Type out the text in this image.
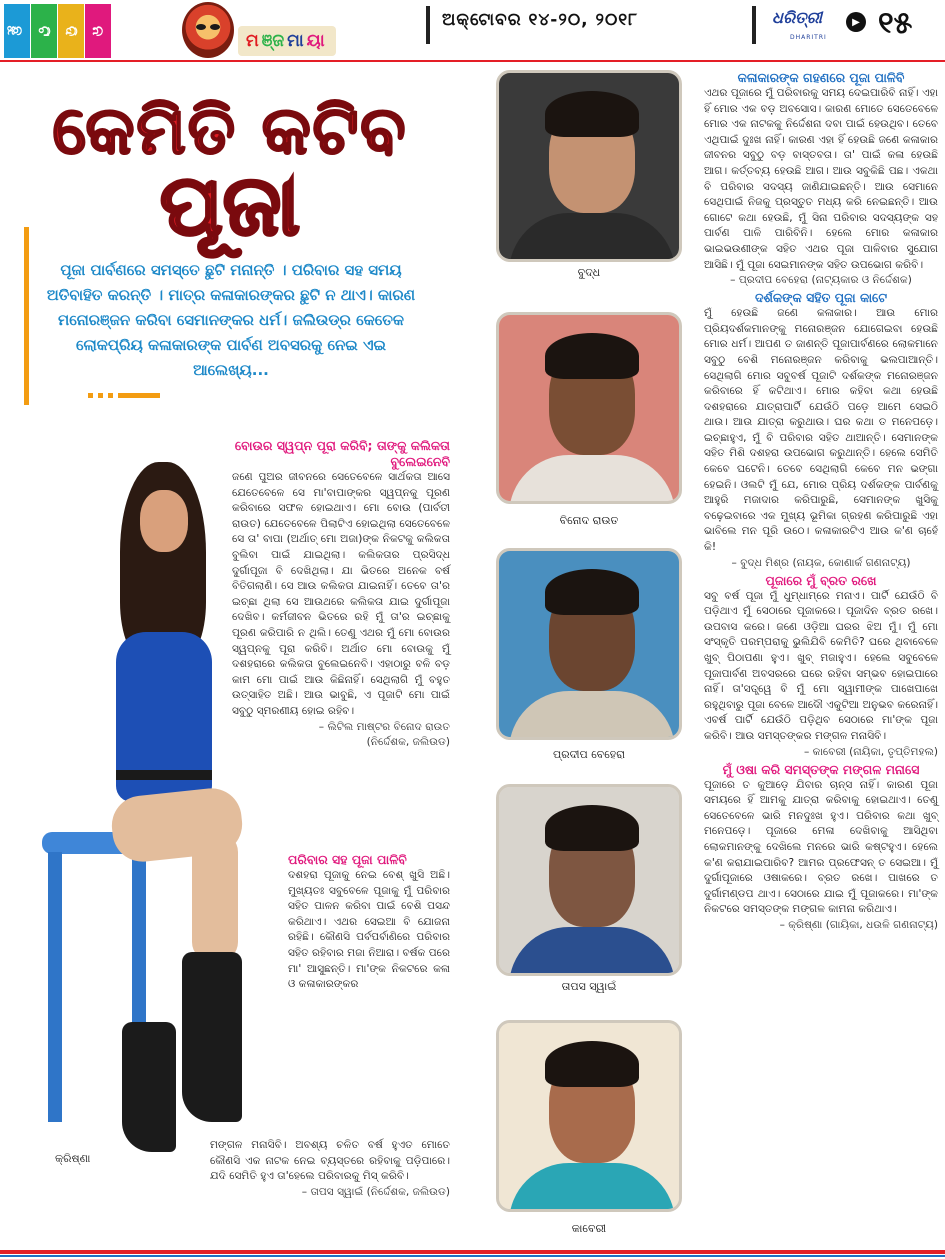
ଛୁ ଟି ଦି ନ	ମ ଞ୍ଜ ମା ୟା
ଅକ୍ଟୋବର ୧୪-୨୦, ୨୦୧୮	ଧରିତ୍ରୀ
DHARITRI
▶ ୧୫
କେମିତି କଟିବ
ପୂଜା
ପୂଜା ପାର୍ବଣରେ ସମସ୍ତେ ଛୁଟି ମନାନ୍ତି । ପରିବାର ସହ ସମୟ ଅତିବାହିତ କରନ୍ତି । ମାତ୍ର କଳାକାରଙ୍କର ଛୁଟି ନ ଥାଏ। କାରଣ ମନୋରଞ୍ଜନ କରିବା ସେମାନଙ୍କର ଧର୍ମ। ଜଲିଉଡ୍‌ର କେତେକ ଲୋକପ୍ରିୟ କଳାକାରଙ୍କ ପାର୍ବଣ ଅବସରକୁ ନେଇ ଏଇ ଆଲେଖ୍ୟ...
କ୍ରିଷ୍ଣା
ବୋଉର ସ୍ୱପ୍ନ ପୂରା କରିବି; ତାଙ୍କୁ କଲିକତା ବୁଲେଇନେବି

ଜଣେ ପୁଅର ଜୀବନରେ ସେତେବେଳେ ସାର୍ଥକତା ଆସେ ଯେତେବେଳେ ସେ ମା'ବାପାଙ୍କର ସ୍ୱପ୍ନକୁ ପୂରଣ କରିବାରେ ସଫଳ ହୋଇଥାଏ। ମୋ ବୋଉ (ପାର୍ବତୀ ରାଉତ) ଯେତେବେଳେ ପିଲାଟିଏ ହୋଇଥିଲା ସେତେବେଳେ ସେ ତା' ବାପା (ଅର୍ଥାତ୍ ମୋ ଅଜା)ଙ୍କ ନିକଟକୁ କଲିକତା ବୁଲିବା ପାଇଁ ଯାଇଥିଲା। କଲିକତାର ପ୍ରସିଦ୍ଧ ଦୁର୍ଗାପୂଜା ବି ଦେଖିଥିଲା। ଯା ଭିତରେ ଅନେକ ବର୍ଷ ବିତିଗଲାଣି। ସେ ଆଉ କଲିକତା ଯାଇନାହିଁ। ତେବେ ତା'ର ଇଚ୍ଛା ଥିଲା ସେ ଆଉଥରେ କଲିକତା ଯାଇ ଦୁର୍ଗାପୂଜା ଦେଖିବ। କର୍ମଜୀବନ ଭିତରେ ରହି ମୁଁ ତା'ର ଇଚ୍ଛାକୁ ପୂରଣ କରିପାରି ନ ଥିଲି। ତେଣୁ ଏଥର ମୁଁ ମୋ ବୋଉର ସ୍ୱପ୍ନକୁ ପୂରା କରିବି। ଅର୍ଥାତ ମୋ ବୋଉକୁ ମୁଁ ଦଶହରାରେ କଲିକତା ବୁଲେଇନେବି। ଏହାଠାରୁ ବଳି ବଡ଼ କାମ ମୋ ପାଇଁ ଆଉ କିଛିନାହିଁ। ସେଥିଲାଗି ମୁଁ ବହୁତ ଉତ୍ସାହିତ ଅଛି। ଆଉ ଭାବୁଛି, ଏ ପୂଜାଟି ମୋ ପାଇଁ ସବୁଠୁ ସ୍ମରଣୀୟ ହୋଇ ରହିବ।

– ଲିଟିଲ ମାଷ୍ଟର ବିନୋଦ ରାଉତ
(ନିର୍ଦ୍ଦେଶକ, ଜଲିଉଡ)
ପରିବାର ସହ ପୂଜା ପାଳିବି

ଦଶହରା ପୂଜାକୁ ନେଇ ବେଶ୍ ଖୁସି ଅଛି। ମୁଖ୍ୟତଃ ସବୁବେଳେ ପୂଜାକୁ ମୁଁ ପରିବାର ସହିତ ପାଳନ କରିବା ପାଇଁ ବେଶି ପସନ୍ଦ କରିଥାଏ। ଏଥର ସେଇଆ ବି ଯୋଜନା ରହିଛି। କୌଣସି ପର୍ବପର୍ବାଣିରେ ପରିବାର ସହିତ ରହିବାର ମଜା ନିଆରା। ବର୍ଷକ ପରେ ମା' ଆସୁଛନ୍ତି। ମା'ଙ୍କ ନିକଟରେ କଳା ଓ କଳାକାରଙ୍କର

ମଙ୍ଗଳ ମନାସିବି। ଅବଶ୍ୟ ଚଳିତ ବର୍ଷ ହୁଏତ ମୋତେ କୌଣସି ଏକ ନାଟକ ନେଇ ବ୍ୟସ୍ତରେ ରହିବାକୁ ପଡ଼ିପାରେ। ଯଦି ସେମିତି ହୁଏ ତା'ହେଲେ ପରିବାରକୁ ମିସ୍ କରିବି।

– ତାପସ ସ୍ୱାଇଁ (ନିର୍ଦ୍ଦେଶକ, ଜଲିଉଡ)
ବୁଦ୍ଧ
ବିନୋଦ ରାଉତ
ପ୍ରଦୀପ ବେହେରା
ତାପସ ସ୍ୱାଇଁ
କାବେରୀ
କଳାକାରଙ୍କ ଗହଣରେ ପୂଜା ପାଳିବି

ଏଥର ପୂଜାରେ ମୁଁ ପରିବାରକୁ ସମୟ ଦେଇପାରିବି ନାହିଁ। ଏହା ହିଁ ମୋର ଏକ ବଡ଼ ଅବସୋସ। କାରଣ ମୋତେ ସେତେବେଳେ ମୋର ଏକ ନାଟକକୁ ନିର୍ଦ୍ଦେଶନା ଦବା ପାଇଁ ହେଉଥିବ। ତେବେ ଏଥିପାଇଁ ଦୁଃଖ ନାହିଁ। କାରଣ ଏହା ହିଁ ହେଉଛି ଜଣେ କଳାକାର ଜୀବନର ସବୁଠୁ ବଡ଼ ବାସ୍ତବତା। ତା' ପାଇଁ କଳା ହେଉଛି ଆଗ। କର୍ତ୍ତବ୍ୟ ହେଉଛି ଆଗ। ଆଉ ସବୁକିଛି ପଛ। ଏକଥା ବି ପରିବାର ସଦସ୍ୟ ଜାଣିଯାଇଛନ୍ତି। ଆଉ ସେମାନେ ସେଥିପାଇଁ ନିଜକୁ ପ୍ରସ୍ତୁତ ମଧ୍ୟ କରି ନେଇଛନ୍ତି। ଆଉ ଗୋଟେ କଥା ହେଉଛି, ମୁଁ ସିନା ପରିବାର ସଦସ୍ୟଙ୍କ ସହ ପାର୍ବଣ ପାଳି ପାରିବିନି। ହେଲେ ମୋର କଳାକାର ଭାଇଭଉଣୀଙ୍କ ସହିତ ଏଥର ପୂଜା ପାଳିବାର ସୁଯୋଗ ଆସିଛି। ମୁଁ ପୂଜା ସେଇମାନଙ୍କ ସହିତ ଉପଭୋଗ କରିବି।

– ପ୍ରଦୀପ ବେହେରା (ନାଟ୍ୟକାର ଓ ନିର୍ଦ୍ଦେଶକ)
ଦର୍ଶକଙ୍କ ସହିତ ପୂଜା କାଟେ

ମୁଁ ହେଉଛି ଜଣେ କଳାକାର। ଆଉ ମୋର ପ୍ରିୟଦର୍ଶକମାନଙ୍କୁ ମନୋରଞ୍ଜନ ଯୋଗେଇବା ହେଉଛି ମୋର ଧର୍ମ। ଆପଣ ତ ଜାଣନ୍ତି ପୂଜାପାର୍ବଣରେ ଲୋକମାନେ ସବୁଠୁ ବେଶି ମନୋରଞ୍ଜନ କରିବାକୁ ଭଲପାଆନ୍ତି। ସେଥିଲାଗି ମୋର ସବୁବର୍ଷ ପୂଜାଟି ଦର୍ଶକଙ୍କ ମନୋରଞ୍ଜନ କରିବାରେ ହିଁ କଟିଥାଏ। ମୋର କହିବା କଥା ହେଉଛି ଦଶହରାରେ ଯାତ୍ରାପାର୍ଟି ଯେଉଁଠି ପଡ଼େ ଆମେ ସେଇଠି ଥାଉ। ଆଉ ଯାତ୍ରା କରୁଥାଉ। ଘର କଥା ତ ମନେପଡ଼େ। ଇଚ୍ଛାହୁଏ, ମୁଁ ବି ପରିବାର ସହିତ ଥାଆନ୍ତି। ସେମାନଙ୍କ ସହିତ ମିଶି ଦଶହରା ଉପଭୋଗ କରୁଥାନ୍ତି। ହେଲେ ସେମିତି କେବେ ଘଟେନି। ତେବେ ସେଥିଲାଗି କେବେ ମନ ଭଙ୍ଗା ହେଇନି। ଓଲଟି ମୁଁ ଯେ, ମୋର ପ୍ରିୟ ଦର୍ଶକଙ୍କ ପାର୍ବଣକୁ ଆହୁରି ମଜାଦାର କରିପାରୁଛି, ସେମାନଙ୍କ ଖୁସିକୁ ବଢ଼େଇବାରେ ଏକ ମୁଖ୍ୟ ଭୂମିକା ଗ୍ରହଣ କରିପାରୁଛି ଏହା ଭାବିଲେ ମନ ପୂରି ଉଠେ। କଳାକାରଟିଏ ଆଉ କ'ଣ ଚାହେଁ କି!

– ବୁଦ୍ଧ ମିଶ୍ର (ନାୟକ, କୋଣାର୍କ ଗଣନାଟ୍ୟ)
ପୂଜାରେ ମୁଁ ବ୍ରତ ରଖେ

ସବୁ ବର୍ଷ ପୂଜା ମୁଁ ଧୁମ୍‌ଧାମ୍‌ରେ ମନାଏ। ପାର୍ଟି ଯେଉଁଠି ବି ପଡ଼ିଥାଏ ମୁଁ ସେଠାରେ ପୂଜାକରେ। ପୂଜାଦିନ ବ୍ରତ ରଖେ। ଉପବାସ କରେ। ଜଣେ ଓଡ଼ିଆ ଘରର ଝିଅ ମୁଁ। ମୁଁ ମୋ ସଂସ୍କୃତି ପରମ୍ପରାକୁ ଭୁଲିଯିବି କେମିତି? ଘରେ ଥିବାବେଳେ ଖୁବ୍ ପିଠାପଣା ହୁଏ। ଖୁବ୍ ମଜାହୁଏ। ହେଲେ ସବୁବେଳେ ପୂଜାପାର୍ବଣ ଅବସରରେ ଘରେ ରହିବା ସମ୍ଭବ ହୋଇପାରେ ନାହିଁ। ତା'ସତ୍ତ୍ୱେ ବି ମୁଁ ମୋ ସ୍ୱାମୀଙ୍କ ପାଖେପାଖେ ରହୁଥିବାରୁ ପୂଜା ବେଳେ ଆଦୌ ଏକୁଟିଆ ଅନୁଭବ କରେନାହିଁ। ଏବର୍ଷ ପାର୍ଟି ଯେଉଁଠି ପଡ଼ିଥିବ ସେଠାରେ ମା'ଙ୍କ ପୂଜା କରିବି। ଆଉ ସମସ୍ତଙ୍କର ମଙ୍ଗଳ ମନାସିବି।

– କାବେରୀ (ନାୟିକା, ତୃପ୍ତିମହଲ)
ମୁଁ ଓଷା କରି ସମସ୍ତଙ୍କ ମଙ୍ଗଳ ମନାସେ

ପୂଜାରେ ତ କୁଆଡ଼େ ଯିବାର ଚାନ୍ସ ନାହିଁ। କାରଣ ପୂଜା ସମୟରେ ହିଁ ଆମକୁ ଯାତ୍ରା କରିବାକୁ ହୋଇଥାଏ। ତେଣୁ ସେତେବେଳେ ଭାରି ମନଦୁଃଖ ହୁଏ। ପରିବାର କଥା ଖୁବ୍ ମନେପଡ଼େ। ପୂଜାରେ ମେଳା ଦେଖିବାକୁ ଆସିଥିବା ଲୋକମାନଙ୍କୁ ଦେଖିଲେ ମନରେ ଭାରି କଷ୍ଟହୁଏ। ହେଲେ କ'ଣ କରାଯାଇପାରିବ? ଆମର ପ୍ରଫେସନ୍ ତ ସେଇଆ। ମୁଁ ଦୁର୍ଗାପୂଜାରେ ଓଷାକରେ। ବ୍ରତ ରଖେ। ପାଖରେ ତ ଦୁର୍ଗାମଣ୍ଡପ ଥାଏ। ସେଠାରେ ଯାଇ ମୁଁ ପୂଜାକରେ। ମା'ଙ୍କ ନିକଟରେ ସମସ୍ତଙ୍କ ମଙ୍ଗଳ କାମନା କରିଥାଏ।

– କ୍ରିଷ୍ଣା (ଗାୟିକା, ଧଉଳି ଗଣନାଟ୍ୟ)
